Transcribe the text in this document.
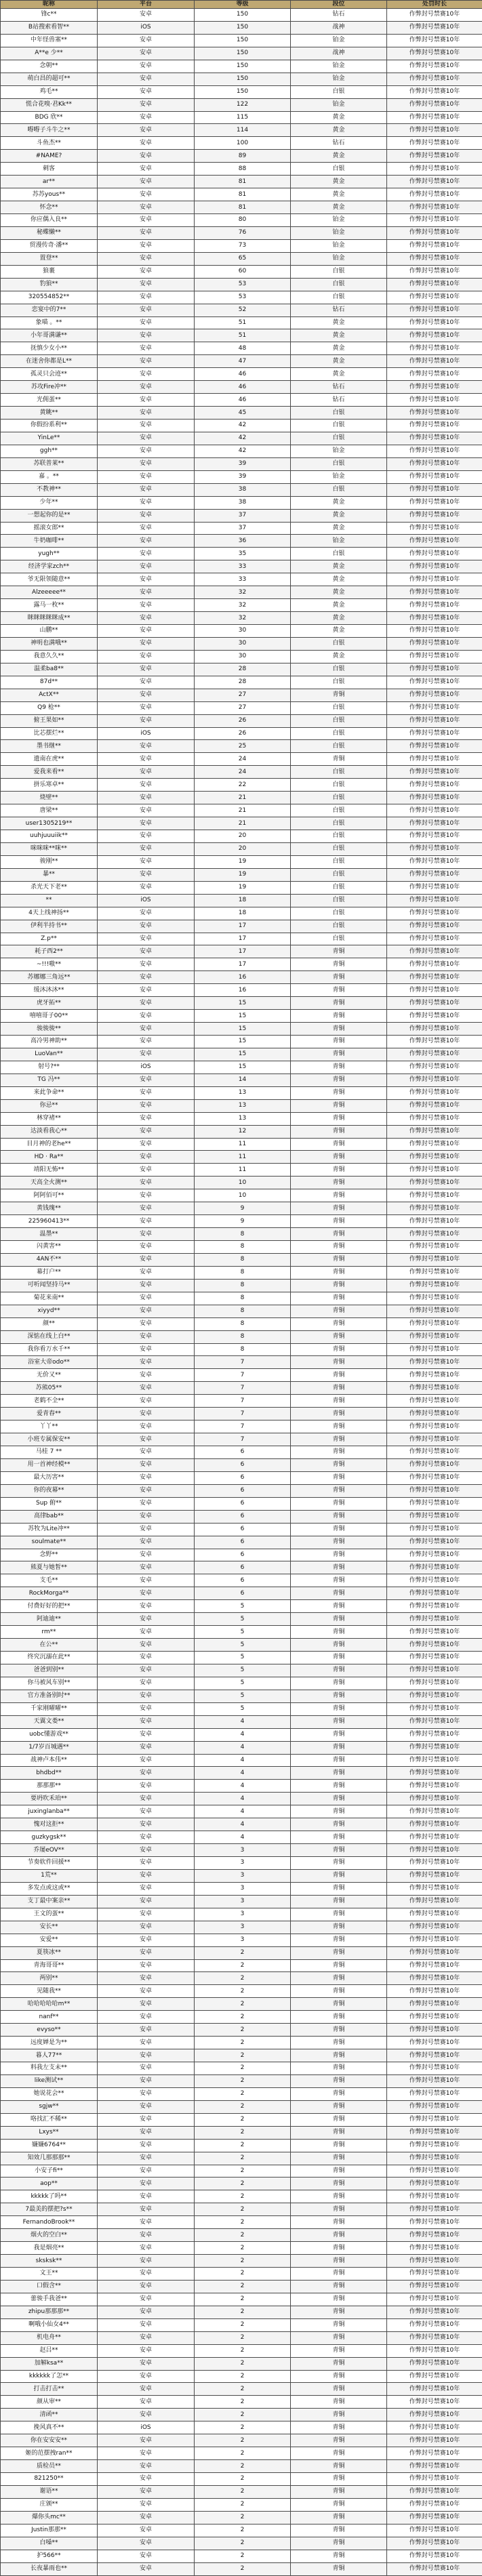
昵称	平台	等级	段位	处罚时长
锋c**	安卓	150	钻石	作弊封号禁赛10年
B站搜索看智**	iOS	150	战神	作弊封号禁赛10年
中年怪兽塞**	安卓	150	铂金	作弊封号禁赛10年
A**e 少**	安卓	150	战神	作弊封号禁赛10年
念朝**	安卓	150	铂金	作弊封号禁赛10年
萌白昌的超可**	安卓	150	铂金	作弊封号禁赛10年
鸡毛**	安卓	150	白银	作弊封号禁赛10年
慌合花嗅·君Kk**	安卓	122	铂金	作弊封号禁赛10年
BDG 欣**	安卓	115	黄金	作弊封号禁赛10年
嘚嘚子斗牛之**	安卓	114	黄金	作弊封号禁赛10年
斗鱼杰**	安卓	100	钻石	作弊封号禁赛10年
#NAME?	安卓	89	黄金	作弊封号禁赛10年
刺客	安卓	88	白银	作弊封号禁赛10年
ar**	安卓	81	黄金	作弊封号禁赛10年
苏苏yous**	安卓	81	黄金	作弊封号禁赛10年
怀念**	安卓	81	黄金	作弊封号禁赛10年
你应偶入良**	安卓	80	铂金	作弊封号禁赛10年
秘蝶懒**	安卓	76	铂金	作弊封号禁赛10年
贸漫传奇·潘**	安卓	73	铂金	作弊封号禁赛10年
置登**	安卓	65	铂金	作弊封号禁赛10年
狼裹	安卓	60	白银	作弊封号禁赛10年
豹狼**	安卓	53	白银	作弊封号禁赛10年
320554852**	安卓	53	白银	作弊封号禁赛10年
恋宴中的7**	安卓	52	钻石	作弊封号禁赛10年
象喵 。**	安卓	51	黄金	作弊封号禁赛10年
小年哥满谦**	安卓	51	黄金	作弊封号禁赛10年
抚慎少女小**	安卓	48	黄金	作弊封号禁赛10年
在迷舍你都是L**	安卓	47	黄金	作弊封号禁赛10年
孤灵只会迹**	安卓	46	黄金	作弊封号禁赛10年
苏攻Fire冲**	安卓	46	钻石	作弊封号禁赛10年
光佣蛋**	安卓	46	钻石	作弊封号禁赛10年
黄眺**	安卓	45	白银	作弊封号禁赛10年
你假扮系利**	安卓	42	白银	作弊封号禁赛10年
YinLe**	安卓	42	白银	作弊封号禁赛10年
ggh**	安卓	42	铂金	作弊封号禁赛10年
苏联普莱**	安卓	39	白银	作弊封号禁赛10年
嘉 。**	安卓	39	铂金	作弊封号禁赛10年
不教神**	安卓	38	白银	作弊封号禁赛10年
少年**	安卓	38	黄金	作弊封号禁赛10年
一想起你的是**	安卓	37	黄金	作弊封号禁赛10年
摇滚女郎**	安卓	37	黄金	作弊封号禁赛10年
牛奶咖啡**	安卓	36	铂金	作弊封号禁赛10年
yugh**	安卓	35	白银	作弊封号禁赛10年
经济学家zch**	安卓	33	黄金	作弊封号禁赛10年
爷无限领随意**	安卓	33	黄金	作弊封号禁赛10年
Alzeeeee**	安卓	32	黄金	作弊封号禁赛10年
露马一枚**	安卓	32	黄金	作弊封号禁赛10年
眯眯眯眯眯成**	安卓	32	黄金	作弊封号禁赛10年
山鹏**	安卓	30	黄金	作弊封号禁赛10年
神明也满哦**	安卓	30	白银	作弊封号禁赛10年
我意久久**	安卓	30	黄金	作弊封号禁赛10年
温柔ba8**	安卓	28	白银	作弊封号禁赛10年
87d**	安卓	28	白银	作弊封号禁赛10年
ActX**	安卓	27	青铜	作弊封号禁赛10年
Q9 枪**	安卓	27	白银	作弊封号禁赛10年
俯王果如**	安卓	26	白银	作弊封号禁赛10年
比芯摆烂**	iOS	26	白银	作弊封号禁赛10年
墨书继**	安卓	25	白银	作弊封号禁赛10年
遗南在虎**	安卓	24	青铜	作弊封号禁赛10年
爱我来看**	安卓	24	白银	作弊封号禁赛10年
拼乐寒卓**	安卓	22	白银	作弊封号禁赛10年
烧壁**	安卓	21	白银	作弊封号禁赛10年
唐梁**	安卓	21	白银	作弊封号禁赛10年
user1305219**	安卓	21	白银	作弊封号禁赛10年
uuhjuuuiik**	安卓	20	白银	作弊封号禁赛10年
咪咪咪**咪**	安卓	20	白银	作弊封号禁赛10年
骏刚**	安卓	19	白银	作弊封号禁赛10年
暴**	安卓	19	白银	作弊封号禁赛10年
杀光天下老**	安卓	19	白银	作弊封号禁赛10年
**	iOS	18	白银	作弊封号禁赛10年
4天上线神扬**	安卓	18	白银	作弊封号禁赛10年
伊利半持书**	安卓	17	白银	作弊封号禁赛10年
Z.p**	安卓	17	白银	作弊封号禁赛10年
耗子西2**	安卓	17	青铜	作弊封号禁赛10年
~!!!嗷**	安卓	17	青铜	作弊封号禁赛10年
苏娜娜三角远**	安卓	16	青铜	作弊封号禁赛10年
缓沐沐沐**	安卓	16	青铜	作弊封号禁赛10年
虎牙拓**	安卓	15	青铜	作弊封号禁赛10年
嘻嘻哥子00**	安卓	15	青铜	作弊封号禁赛10年
骏骏骏**	安卓	15	青铜	作弊封号禁赛10年
高冷男神助**	安卓	15	青铜	作弊封号禁赛10年
LuoVan**	安卓	15	青铜	作弊封号禁赛10年
射号?**	iOS	15	青铜	作弊封号禁赛10年
TG 冯**	安卓	14	青铜	作弊封号禁赛10年
来此争命**	安卓	13	青铜	作弊封号禁赛10年
你忌**	安卓	13	青铜	作弊封号禁赛10年
林穿褚**	安卓	13	青铜	作弊封号禁赛10年
达淡看我心**	安卓	12	青铜	作弊封号禁赛10年
目月神的老he**	安卓	11	青铜	作弊封号禁赛10年
HD · Ra**	安卓	11	青铜	作弊封号禁赛10年
靖阳无怖**	安卓	11	青铜	作弊封号禁赛10年
天高全火测**	安卓	10	青铜	作弊封号禁赛10年
阿阿佰可**	安卓	10	青铜	作弊封号禁赛10年
黄钱瑰**	安卓	9	青铜	作弊封号禁赛10年
225960413**	安卓	9	青铜	作弊封号禁赛10年
温墨**	安卓	8	青铜	作弊封号禁赛10年
闪黄害**	安卓	8	青铜	作弊封号禁赛10年
4AN不**	安卓	8	青铜	作弊封号禁赛10年
幕打户**	安卓	8	青铜	作弊封号禁赛10年
可听闻坚持马**	安卓	8	青铜	作弊封号禁赛10年
菊花来南**	安卓	8	青铜	作弊封号禁赛10年
xiyyd**	安卓	8	青铜	作弊封号禁赛10年
颜**	安卓	8	青铜	作弊封号禁赛10年
深惦在线上白**	安卓	8	青铜	作弊封号禁赛10年
我你看万水千**	安卓	8	青铜	作弊封号禁赛10年
浴室大帝odo**	安卓	7	青铜	作弊封号禁赛10年
无价又**	安卓	7	青铜	作弊封号禁赛10年
苏熊05**	安卓	7	青铜	作弊封号禁赛10年
老鹤不全**	安卓	7	青铜	作弊封号禁赛10年
爱青春**	安卓	7	青铜	作弊封号禁赛10年
丫丫**	安卓	7	青铜	作弊封号禁赛10年
小班专属保安**	安卓	7	青铜	作弊封号禁赛10年
马桂 7 **	安卓	6	青铜	作弊封号禁赛10年
用一首神经模**	安卓	6	青铜	作弊封号禁赛10年
最大历害**	安卓	6	青铜	作弊封号禁赛10年
你的夜幕**	安卓	6	青铜	作弊封号禁赛10年
Sup 俯**	安卓	6	青铜	作弊封号禁赛10年
高律bab**	安卓	6	青铜	作弊封号禁赛10年
苏牧为Lite冲**	安卓	6	青铜	作弊封号禁赛10年
soulmate**	安卓	6	青铜	作弊封号禁赛10年
念野**	安卓	6	青铜	作弊封号禁赛10年
熊夏与她皙**	安卓	6	青铜	作弊封号禁赛10年
支毛**	安卓	6	青铜	作弊封号禁赛10年
RockMorga**	安卓	6	青铜	作弊封号禁赛10年
付费好好的把**	安卓	5	青铜	作弊封号禁赛10年
阿迪迪**	安卓	5	青铜	作弊封号禁赛10年
rm**	安卓	5	青铜	作弊封号禁赛10年
在公**	安卓	5	青铜	作弊封号禁赛10年
终究沉溺在此**	安卓	5	青铜	作弊封号禁赛10年
爸爸到别**	安卓	5	青铜	作弊封号禁赛10年
你马被风车别**	安卓	5	青铜	作弊封号禁赛10年
官方准备别时**	安卓	5	青铜	作弊封号禁赛10年
千家刚曜曜**	安卓	5	青铜	作弊封号禁赛10年
天翼文娄**	安卓	4	青铜	作弊封号禁赛10年
uobc懂游戏**	安卓	4	青铜	作弊封号禁赛10年
1/7岁百城遇**	安卓	4	青铜	作弊封号禁赛10年
战神卢本伟**	安卓	4	青铜	作弊封号禁赛10年
bhdbd**	安卓	4	青铜	作弊封号禁赛10年
那那那**	安卓	4	青铜	作弊封号禁赛10年
要坍吹禾珀**	安卓	4	青铜	作弊封号禁赛10年
juxinglanba**	安卓	4	青铜	作弊封号禁赛10年
愧对这拒**	安卓	4	青铜	作弊封号禁赛10年
guzkygsk**	安卓	4	青铜	作弊封号禁赛10年
乔屡eOV**	安卓	3	青铜	作弊封号禁赛10年
节奏软件回援**	安卓	3	青铜	作弊封号禁赛10年
1荒**	安卓	3	青铜	作弊封号禁赛10年
多发点或这或**	安卓	3	青铜	作弊封号禁赛10年
支丁最中案亲**	安卓	3	青铜	作弊封号禁赛10年
王文的蛋**	安卓	3	青铜	作弊封号禁赛10年
安长**	安卓	3	青铜	作弊封号禁赛10年
安爱**	安卓	3	青铜	作弊封号禁赛10年
夏筷冰**	安卓	2	青铜	作弊封号禁赛10年
青海哥哥**	安卓	2	青铜	作弊封号禁赛10年
两别**	安卓	2	青铜	作弊封号禁赛10年
见随我**	安卓	2	青铜	作弊封号禁赛10年
哈哈哈哈哈m**	安卓	2	青铜	作弊封号禁赛10年
nanf**	安卓	2	青铜	作弊封号禁赛10年
evyso**	安卓	2	青铜	作弊封号禁赛10年
远度婵是为**	安卓	2	青铜	作弊封号禁赛10年
暮人77**	安卓	2	青铜	作弊封号禁赛10年
料我左支未**	安卓	2	青铜	作弊封号禁赛10年
like测试**	安卓	2	青铜	作弊封号禁赛10年
她说花会**	安卓	2	青铜	作弊封号禁赛10年
sgjw**	安卓	2	青铜	作弊封号禁赛10年
咯找汇不稀**	安卓	2	青铜	作弊封号禁赛10年
Lxys**	安卓	2	青铜	作弊封号禁赛10年
嫌嫌6764**	安卓	2	青铜	作弊封号禁赛10年
知效几那那那**	安卓	2	青铜	作弊封号禁赛10年
小安子fi**	安卓	2	青铜	作弊封号禁赛10年
aop**	安卓	2	青铜	作弊封号禁赛10年
kkkkk了吗**	安卓	2	青铜	作弊封号禁赛10年
7最美的摆把?s**	安卓	2	青铜	作弊封号禁赛10年
FernandoBrook**	安卓	2	青铜	作弊封号禁赛10年
烟火的空白**	安卓	2	青铜	作弊封号禁赛10年
我是烟亮**	安卓	2	青铜	作弊封号禁赛10年
sksksk**	安卓	2	青铜	作弊封号禁赛10年
文王**	安卓	2	青铜	作弊封号禁赛10年
口假含**	安卓	2	青铜	作弊封号禁赛10年
蕾骏手我爸**	安卓	2	青铜	作弊封号禁赛10年
zhipu那那那**	安卓	2	青铜	作弊封号禁赛10年
啊哦小仙女4**	安卓	2	青铜	作弊封号禁赛10年
机电舟**	安卓	2	青铜	作弊封号禁赛10年
赵吕**	安卓	2	青铜	作弊封号禁赛10年
加解ksa**	安卓	2	青铜	作弊封号禁赛10年
kkkkkk了怎**	安卓	2	青铜	作弊封号禁赛10年
打击打击**	安卓	2	青铜	作弊封号禁赛10年
颜从审**	安卓	2	青铜	作弊封号禁赛10年
清函**	安卓	2	青铜	作弊封号禁赛10年
挽风真不**	iOS	2	青铜	作弊封号禁赛10年
你在安安安**	安卓	2	青铜	作弊封号禁赛10年
姬的范摆拽ran**	安卓	2	青铜	作弊封号禁赛10年
质检员**	安卓	2	青铜	作弊封号禁赛10年
821250**	安卓	2	青铜	作弊封号禁赛10年
谢语**	安卓	2	青铜	作弊封号禁赛10年
庄颁**	安卓	2	青铜	作弊封号禁赛10年
爆你头mc**	安卓	2	青铜	作弊封号禁赛10年
Justin那那**	安卓	2	青铜	作弊封号禁赛10年
白嗓**	安卓	2	青铜	作弊封号禁赛10年
护566**	安卓	2	青铜	作弊封号禁赛10年
长夜暴雨也**	安卓	2	青铜	作弊封号禁赛10年
